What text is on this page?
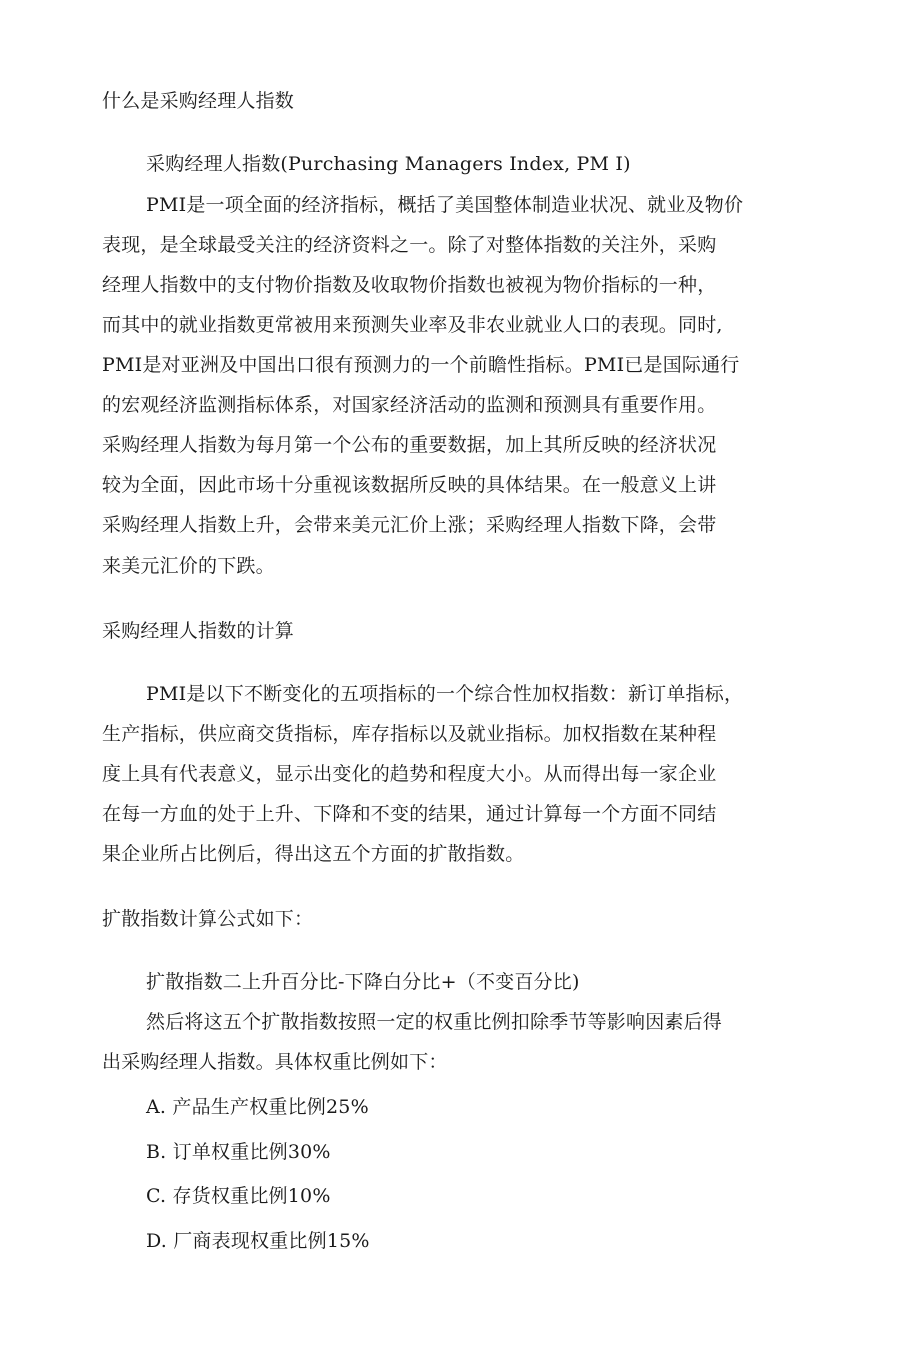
什么是采购经理人指数
采购经理人指数(Purchasing Managers Index, PM I)
PMI是一项全面的经济指标，概括了美国整体制造业状况、就业及物价
表现，是全球最受关注的经济资料之一。除了对整体指数的关注外，采购
经理人指数中的支付物价指数及收取物价指数也被视为物价指标的一种，
而其中的就业指数更常被用来预测失业率及非农业就业人口的表现。同时,
PMI是对亚洲及中国出口很有预测力的一个前瞻性指标。PMI已是国际通行
的宏观经济监测指标体系，对国家经济活动的监测和预测具有重要作用。
采购经理人指数为每月第一个公布的重要数据，加上其所反映的经济状况
较为全面，因此市场十分重视该数据所反映的具体结果。在一般意义上讲
采购经理人指数上升，会带来美元汇价上涨；采购经理人指数下降，会带
来美元汇价的下跌。
采购经理人指数的计算
PMI是以下不断变化的五项指标的一个综合性加权指数：新订单指标，
生产指标，供应商交货指标，库存指标以及就业指标。加权指数在某种程
度上具有代表意义，显示出变化的趋势和程度大小。从而得出每一家企业
在每一方血的处于上升、下降和不变的结果，通过计算每一个方面不同结
果企业所占比例后，得出这五个方面的扩散指数。
扩散指数计算公式如下：
扩散指数二上升百分比-下降白分比+（不变百分比)
然后将这五个扩散指数按照一定的权重比例扣除季节等影响因素后得
出采购经理人指数。具体权重比例如下：
A. 产品生产权重比例25%
B. 订单权重比例30%
C. 存货权重比例10%
D. 厂商表现权重比例15%
